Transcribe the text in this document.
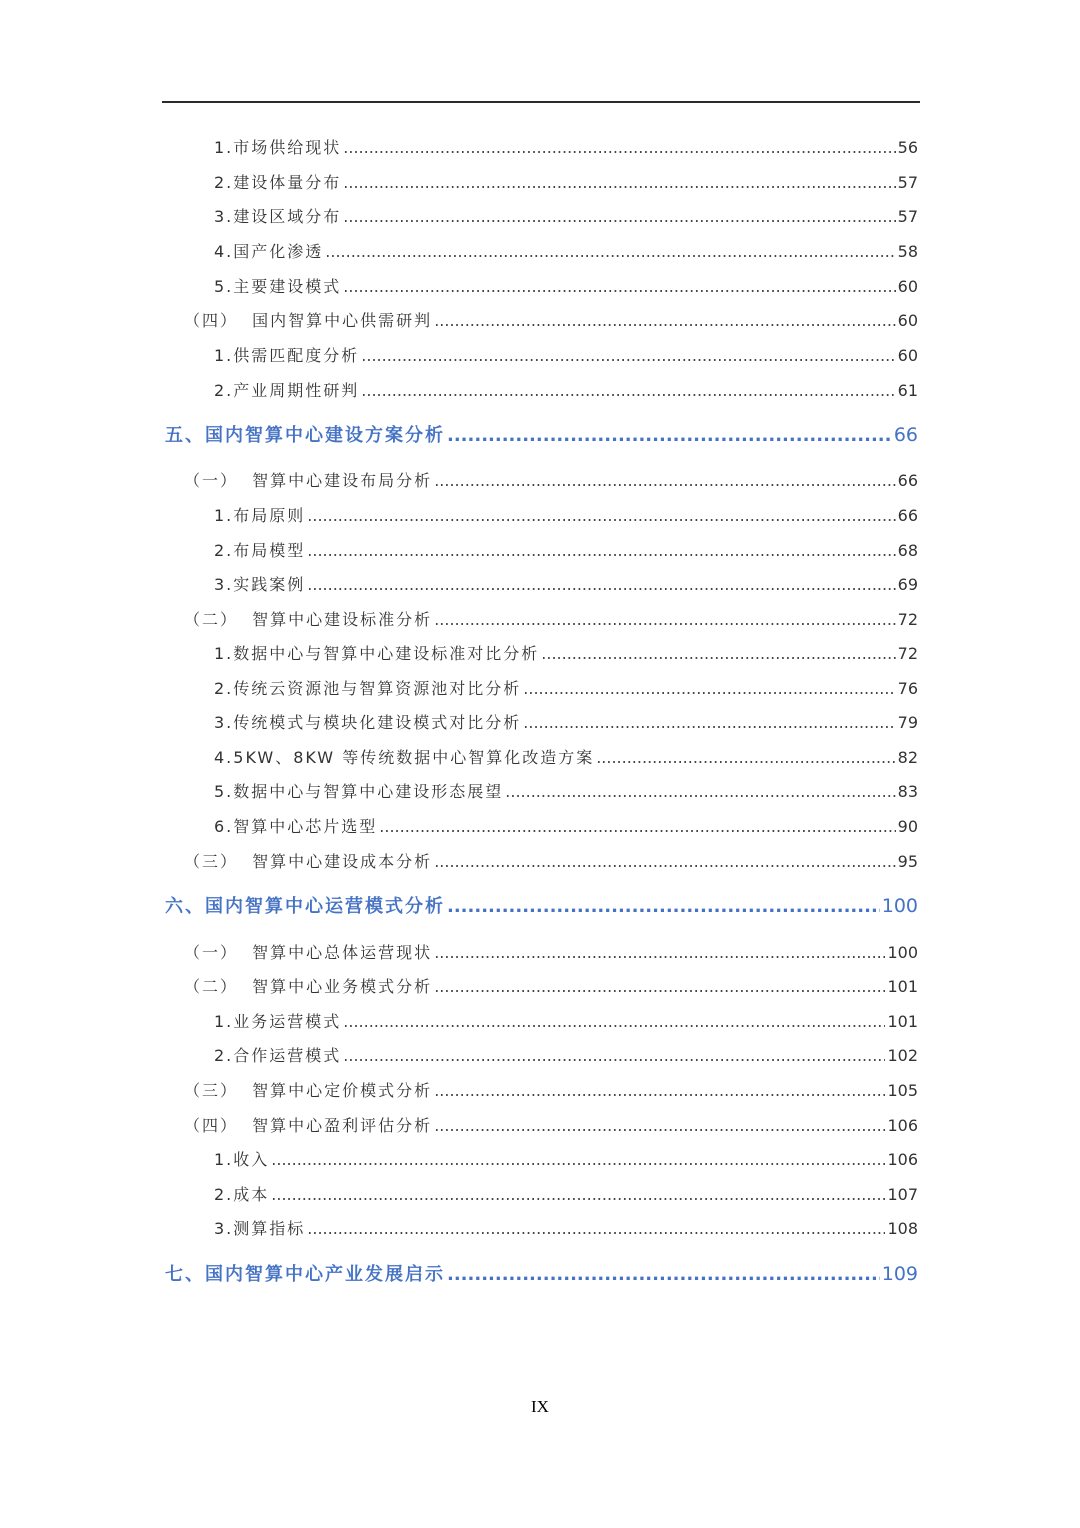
1.市场供给现状 .....	56
2.建设体量分布 .....	57
3.建设区域分布 .....	57
4.国产化渗透 .....	58
5.主要建设模式 .....	60
（四）  国内智算中心供需研判 .....	60
1.供需匹配度分析 .....	60
2.产业周期性研判 .....	61
五、国内智算中心建设方案分析 .....	66
（一）  智算中心建设布局分析 .....	66
1.布局原则 .....	66
2.布局模型 .....	68
3.实践案例 .....	69
（二）  智算中心建设标准分析 .....	72
1.数据中心与智算中心建设标准对比分析 .....	72
2.传统云资源池与智算资源池对比分析 .....	76
3.传统模式与模块化建设模式对比分析 .....	79
4.5KW、8KW 等传统数据中心智算化改造方案 .....	82
5.数据中心与智算中心建设形态展望 .....	83
6.智算中心芯片选型 .....	90
（三）  智算中心建设成本分析 .....	95
六、国内智算中心运营模式分析 .....	100
（一）  智算中心总体运营现状 .....	100
（二）  智算中心业务模式分析 .....	101
1.业务运营模式 .....	101
2.合作运营模式 .....	102
（三）  智算中心定价模式分析 .....	105
（四）  智算中心盈利评估分析 .....	106
1.收入 .....	106
2.成本 .....	107
3.测算指标 .....	108
七、国内智算中心产业发展启示 .....	109
IX
